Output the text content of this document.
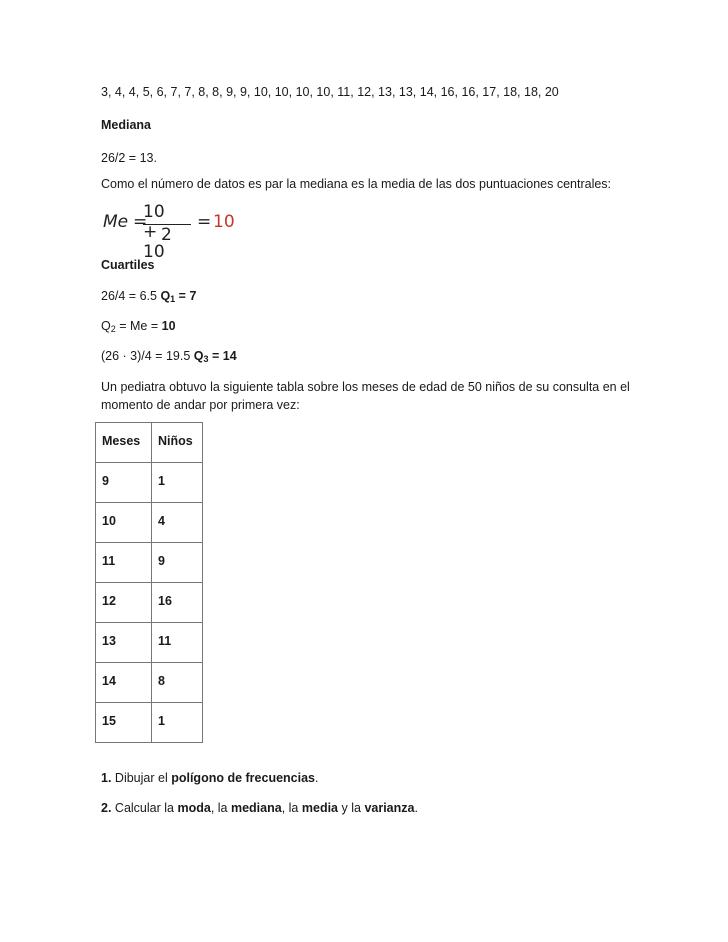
3, 4, 4, 5, 6, 7, 7, 8, 8, 9, 9, 10, 10, 10, 10, 11, 12, 13, 13, 14, 16, 16, 17, 18, 18, 20
Mediana
26/2 = 13.
Como el número de datos es par la mediana es la media de las dos puntuaciones centrales:
Me =
10 + 10
2
= 10
Cuartiles
26/4 = 6.5 $Q_1 = 7$
$Q_2 = Me = 10$
(26 · 3)/4 = 19.5 $Q_3 = 14$
Un pediatra obtuvo la siguiente tabla sobre los meses de edad de 50 niños de su consulta en el
momento de andar por primera vez:
Meses	Niños
9	1
10	4
11	9
12	16
13	11
14	8
15	1
1. Dibujar el polígono de frecuencias.
2. Calcular la moda, la mediana, la media y la varianza.
